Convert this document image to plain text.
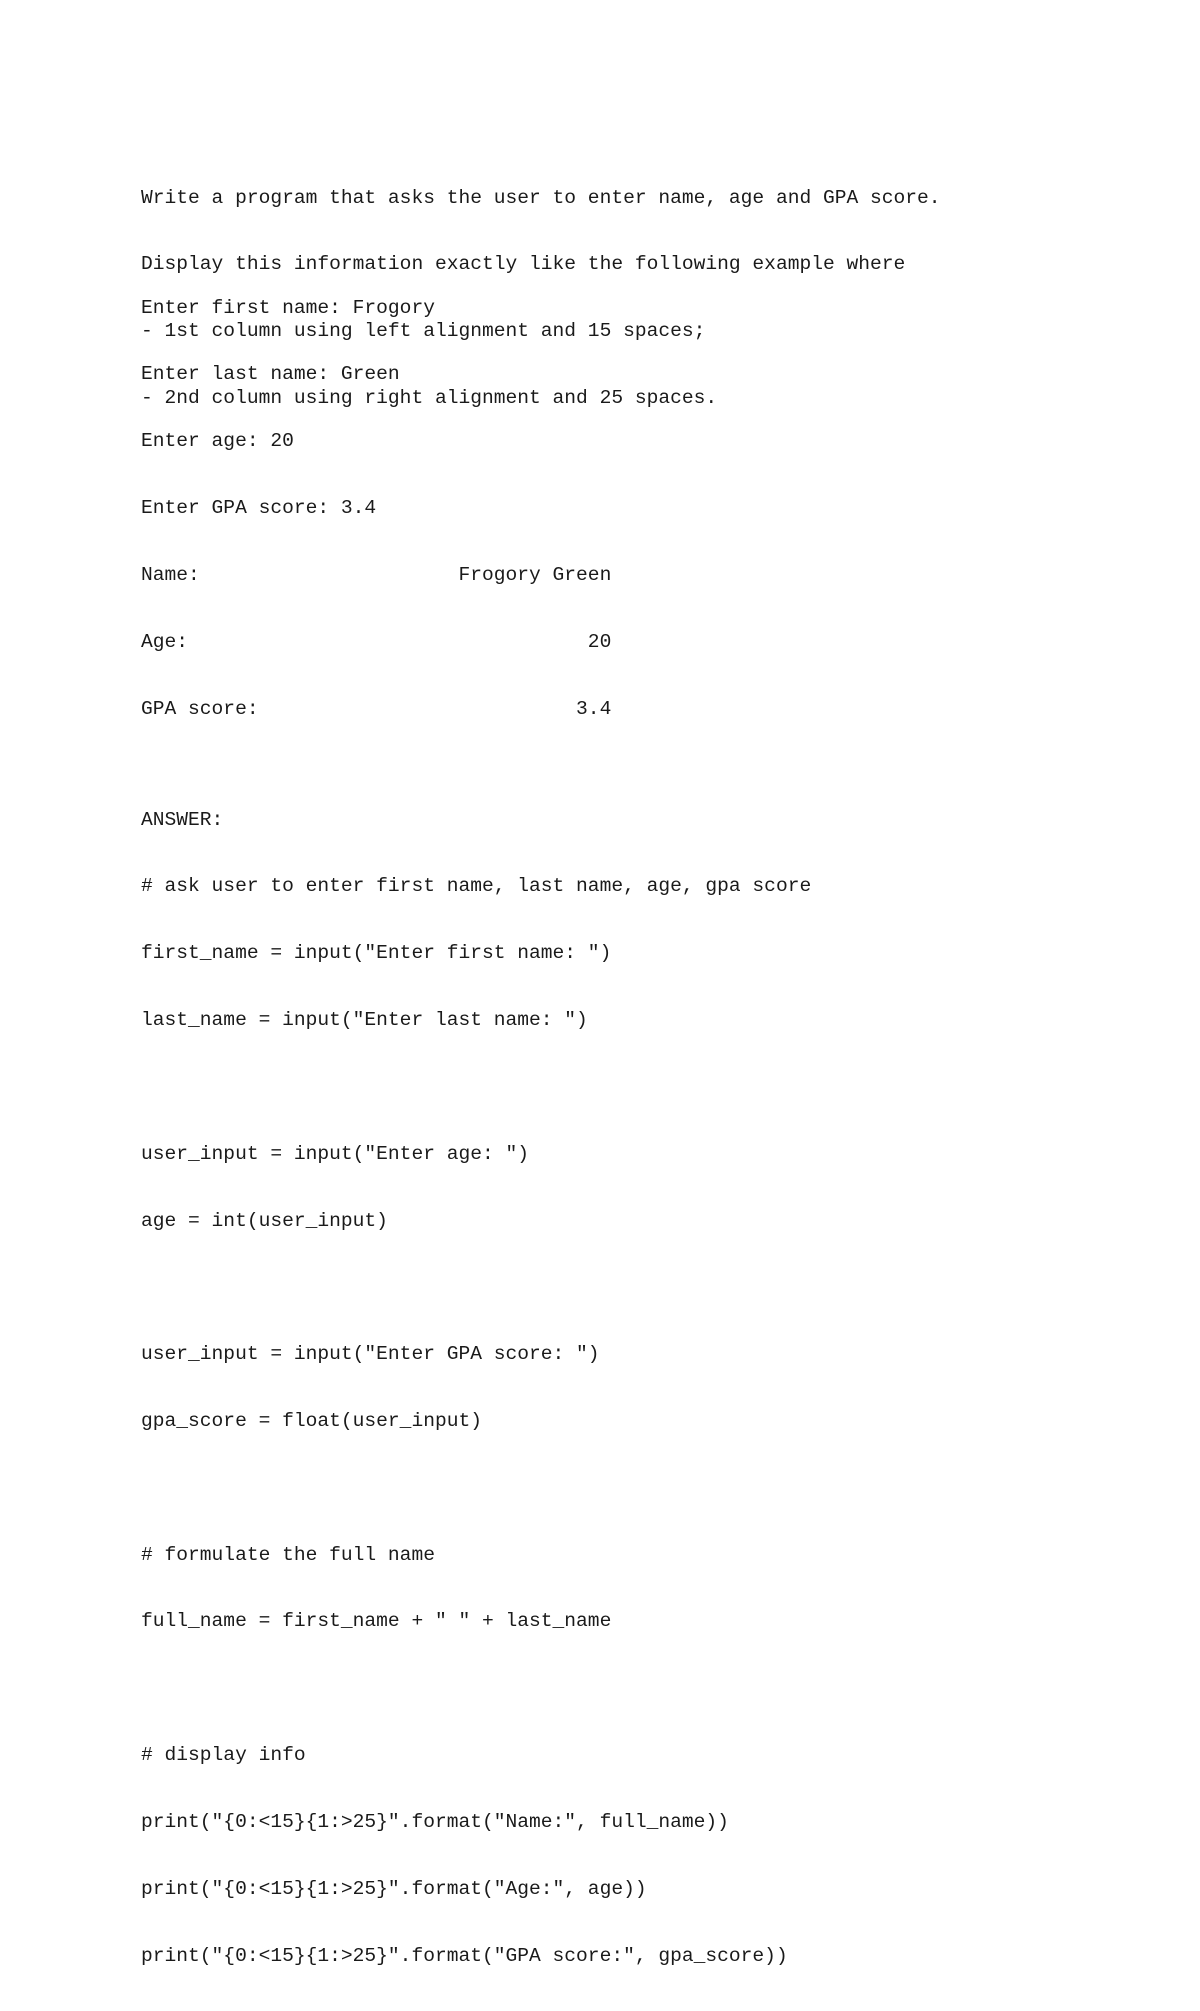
Write a program that asks the user to enter name, age and GPA score.

Display this information exactly like the following example where

- 1st column using left alignment and 15 spaces;

- 2nd column using right alignment and 25 spaces.

Enter first name: Frogory

Enter last name: Green

Enter age: 20

Enter GPA score: 3.4

Name:                      Frogory Green

Age:                                  20

GPA score:                           3.4

ANSWER:

# ask user to enter first name, last name, age, gpa score

first_name = input("Enter first name: ")

last_name = input("Enter last name: ")

user_input = input("Enter age: ")

age = int(user_input)

user_input = input("Enter GPA score: ")

gpa_score = float(user_input)

# formulate the full name

full_name = first_name + " " + last_name

# display info

print("{0:<15}{1:>25}".format("Name:", full_name))

print("{0:<15}{1:>25}".format("Age:", age))

print("{0:<15}{1:>25}".format("GPA score:", gpa_score))
